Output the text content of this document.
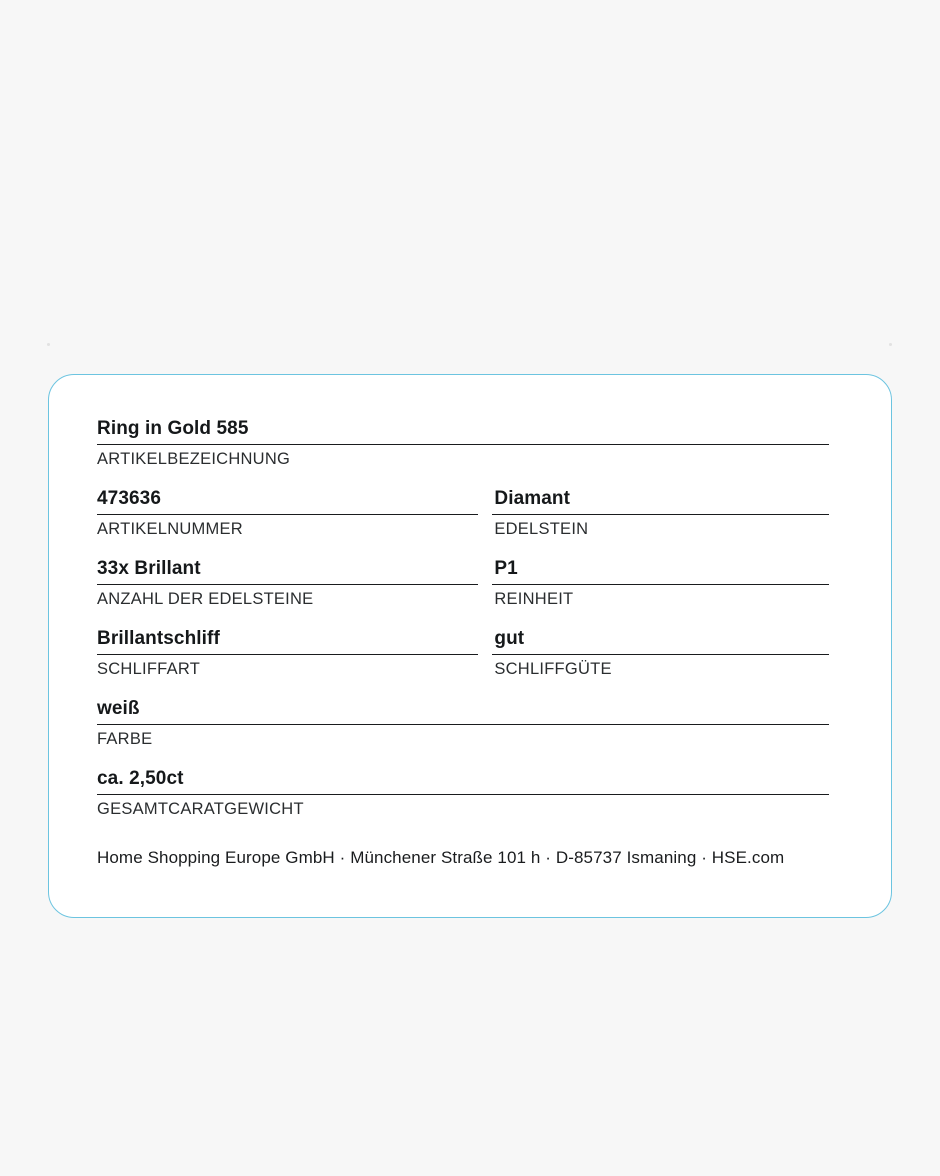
Ring in Gold 585
ARTIKELBEZEICHNUNG
473636
ARTIKELNUMMER
Diamant
EDELSTEIN
33x Brillant
ANZAHL DER EDELSTEINE
P1
REINHEIT
Brillantschliff
SCHLIFFART
gut
SCHLIFFGÜTE
weiß
FARBE
ca. 2,50ct
GESAMTCARATGEWICHT
Home Shopping Europe GmbH · Münchener Straße 101 h · D-85737 Ismaning · HSE.com
